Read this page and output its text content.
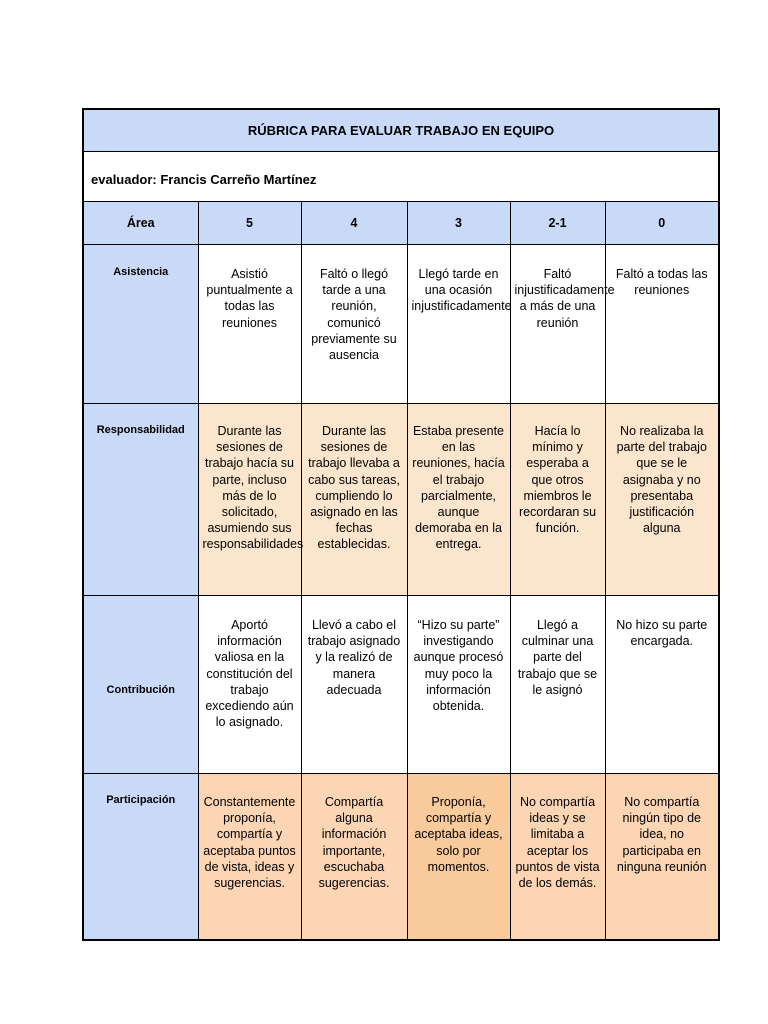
RÚBRICA PARA EVALUAR TRABAJO EN EQUIPO					
evaluador: Francis Carreño Martínez					
Área	5	4	3	2-1	0
Asistencia	Asistió puntualmente a todas las reuniones	Faltó o llegó tarde a una reunión, comunicó previamente su ausencia	Llegó tarde en una ocasión injustificadamente	Faltó injustificadamente a más de una reunión	Faltó a todas las reuniones
Responsabilidad	Durante las sesiones de trabajo hacía su parte, incluso más de lo solicitado, asumiendo sus responsabilidades	Durante las sesiones de trabajo llevaba a cabo sus tareas, cumpliendo lo asignado en las fechas establecidas.	Estaba presente en las reuniones, hacía el trabajo parcialmente, aunque demoraba en la entrega.	Hacía lo mínimo y esperaba a que otros miembros le recordaran su función.	No realizaba la parte del trabajo que se le asignaba y no presentaba justificación alguna
Contribución	Aportó información valiosa en la constitución del trabajo excediendo aún lo asignado.	Llevó a cabo el trabajo asignado y la realizó de manera adecuada	“Hizo su parte” investigando aunque procesó muy poco la información obtenida.	Llegó a culminar una parte del trabajo que se le asignó	No hizo su parte encargada.
Participación	Constantemente proponía, compartía y aceptaba puntos de vista, ideas y sugerencias.	Compartía alguna información importante, escuchaba sugerencias.	Proponía, compartía y aceptaba ideas, solo por momentos.	No compartía ideas y se limitaba a aceptar los puntos de vista de los demás.	No compartía ningún tipo de idea, no participaba en ninguna reunión
